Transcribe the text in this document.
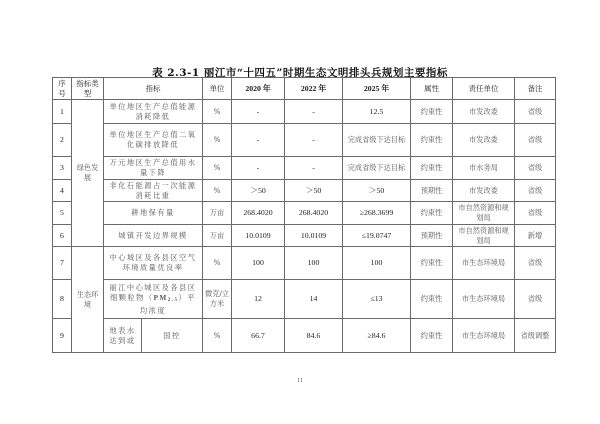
表 2.3-1 丽江市“十四五”时期生态文明排头兵规划主要指标
序号	指标类型	指标		单位	2020 年	2022 年	2025 年	属性	责任单位	备注
1	绿色发展	单位地区生产总值能源消耗降低		%	-	-	12.5	约束性	市发改委	省级
2		单位地区生产总值二氧化碳排放降低		%	-	-	完成省级下达目标	约束性	市发改委	省级
3		万元地区生产总值用水量下降		%	-	-	完成省级下达目标	约束性	市水务局	省级
4		非化石能源占一次能源消耗比重		%	＞50	＞50	＞50	预期性	市发改委	省级
5		耕地保有量		万亩	268.4020	268.4020	≥268.3699	约束性	市自然资源和规划局	省级
6		城镇开发边界规模		万亩	10.0109	10.0109	≤19.0747	预期性	市自然资源和规划局	新增
7	生态环境	中心城区及各县区空气环境质量优良率		%	100	100	100	约束性	市生态环境局	省级
8		丽江中心城区及各县区细颗粒物$(PM_{2.5})$平均浓度		微克/立方米	12	14	≤13	约束性	市生态环境局	省级
9		地表水达到或	国控	%	66.7	84.6	≥84.6	约束性	市生态环境局	省级调整
11
